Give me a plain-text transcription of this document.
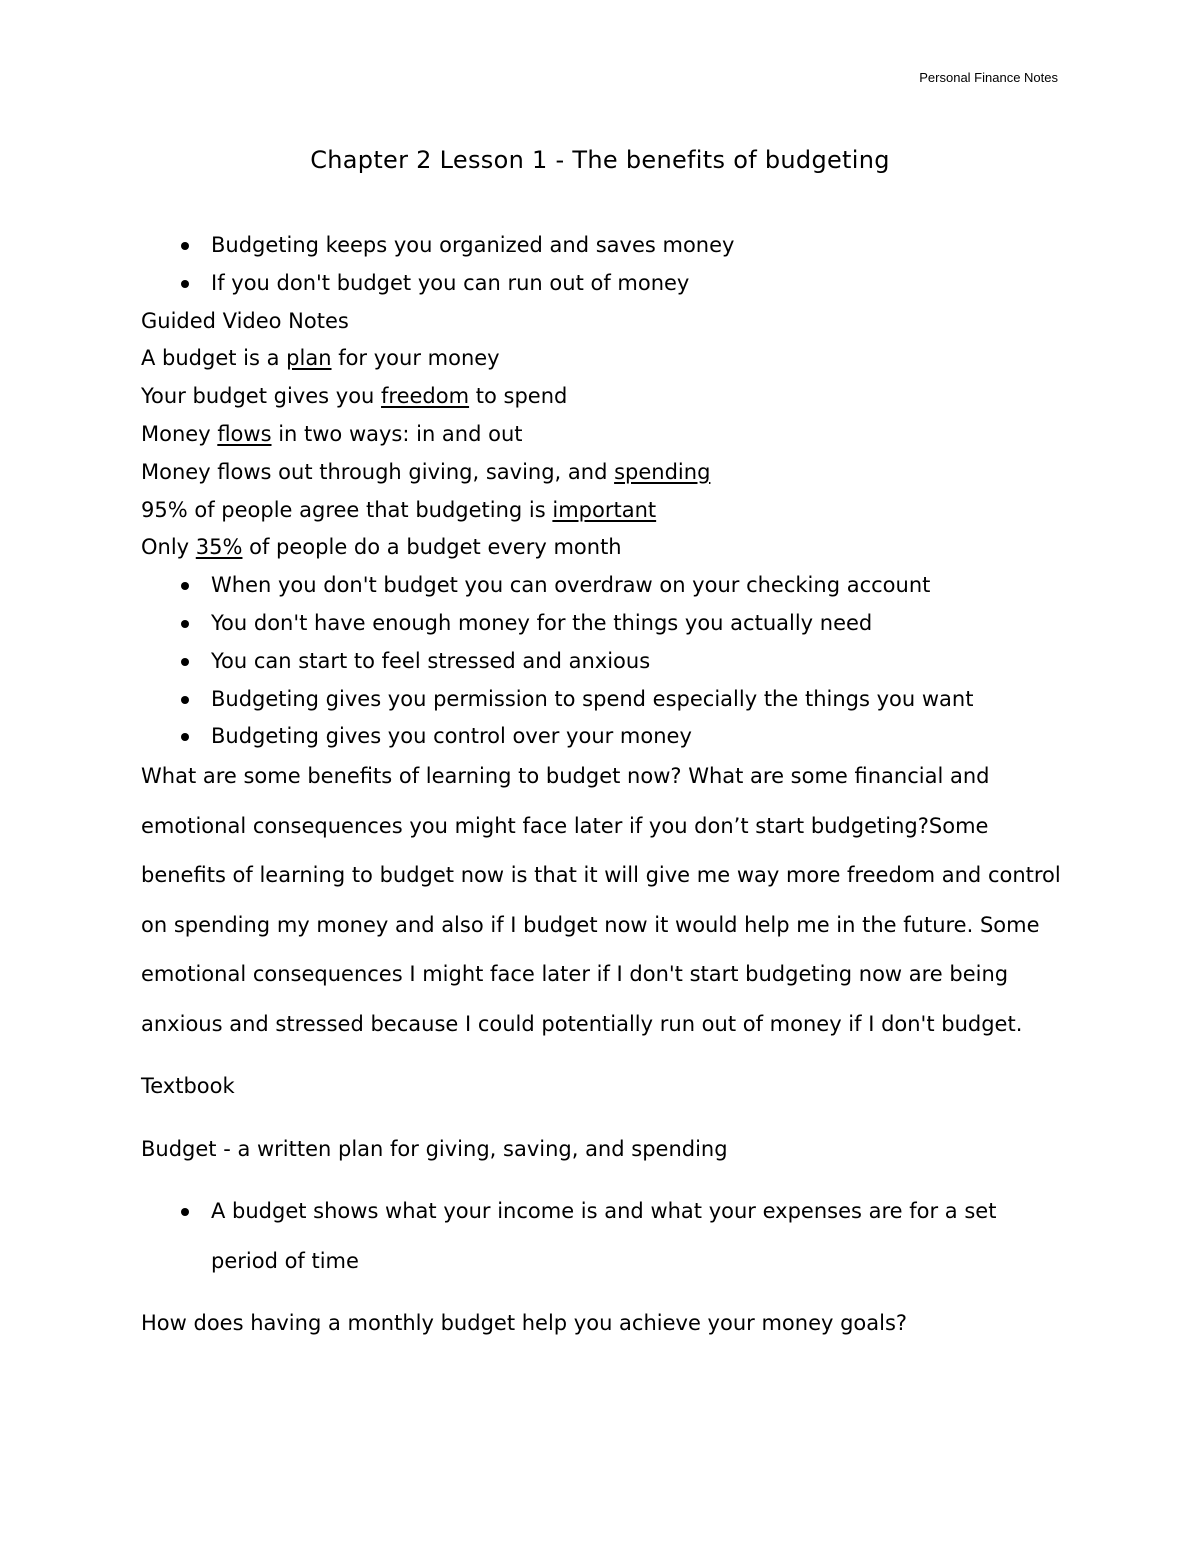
Personal Finance Notes
Chapter 2 Lesson 1 - The benefits of budgeting
Budgeting keeps you organized and saves money
If you don't budget you can run out of money
Guided Video Notes
A budget is a plan for your money
Your budget gives you freedom to spend
Money flows in two ways: in and out
Money flows out through giving, saving, and spending
95% of people agree that budgeting is important
Only 35% of people do a budget every month
When you don't budget you can overdraw on your checking account
You don't have enough money for the things you actually need
You can start to feel stressed and anxious
Budgeting gives you permission to spend especially the things you want
Budgeting gives you control over your money
What are some benefits of learning to budget now? What are some financial and emotional consequences you might face later if you don’t start budgeting?Some benefits of learning to budget now is that it will give me way more freedom and control on spending my money and also if I budget now it would help me in the future. Some emotional consequences I might face later if I don't start budgeting now are being anxious and stressed because I could potentially run out of money if I don't budget.
Textbook
Budget - a written plan for giving, saving, and spending
A budget shows what your income is and what your expenses are for a set period of time
How does having a monthly budget help you achieve your money goals?
